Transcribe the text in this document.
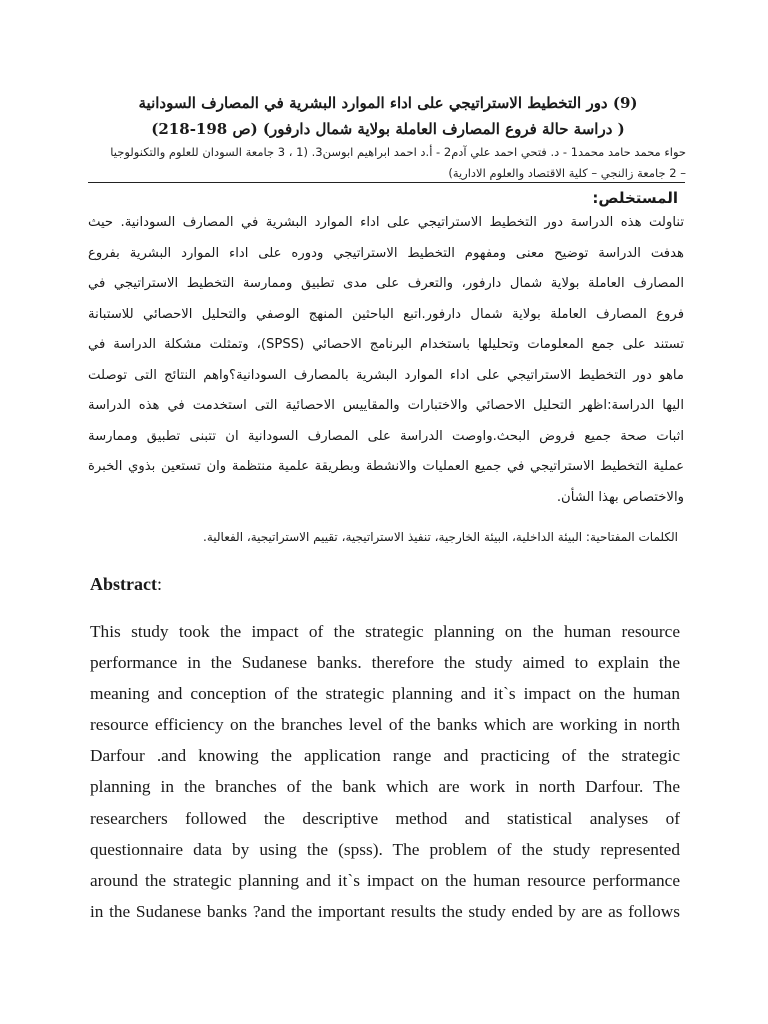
(9) دور التخطيط الاستراتيجي على اداء الموارد البشرية في المصارف السودانية
( دراسة حالة فروع المصارف العاملة بولاية شمال دارفور) (ص 198-218)
حواء محمد حامد محمد1 - د. فتحي احمد علي آدم2 - أ.د احمد ابراهيم ابوسن3. (1 ، 3 جامعة السودان للعلوم والتكنولوجيا
– 2 جامعة زالنجي – كلية الاقتصاد والعلوم الادارية)
المستخلص:
تناولت هذه الدراسة دور التخطيط الاستراتيجي على اداء الموارد البشرية في المصارف السودانية. حيث
هدفت الدراسة توضيح معنى ومفهوم التخطيط الاستراتيجي ودوره على اداء الموارد البشرية بفروع
المصارف العاملة بولاية شمال دارفور، والتعرف على مدى تطبيق وممارسة التخطيط الاستراتيجي في
فروع المصارف العاملة بولاية شمال دارفور.اتبع الباحثين المنهج الوصفي والتحليل الاحصائي للاستبانة
تستند على جمع المعلومات وتحليلها باستخدام البرنامج الاحصائي (SPSS)، وتمثلت مشكلة الدراسة في
ماهو دور التخطيط الاستراتيجي على اداء الموارد البشرية بالمصارف السودانية؟واهم النتائج التى توصلت
اليها الدراسة:اظهر التحليل الاحصائي والاختبارات والمقاييس الاحصائية التى استخدمت في هذه الدراسة
اثبات صحة جميع فروض البحث.واوصت الدراسة على المصارف السودانية ان تتبنى تطبيق وممارسة
عملية التخطيط الاستراتيجي في جميع العمليات والانشطة وبطريقة علمية منتظمة وان تستعين بذوي الخبرة
والاختصاص بهذا الشأن.
الكلمات المفتاحية: البيئة الداخلية، البيئة الخارجية، تنفيذ الاستراتيجية، تقييم الاستراتيجية، الفعالية.
Abstract:
This study took the impact of the strategic planning on the human resource
performance in the Sudanese banks. therefore the study aimed to explain the
meaning and conception of the strategic planning and it`s impact on the human
resource efficiency on the branches level of the banks which are working in north
Darfour .and knowing the application range and practicing of the strategic
planning in the branches of the bank which are work in north Darfour. The
researchers followed the descriptive method and statistical analyses of
questionnaire data by using the (spss). The problem of the study represented
around the strategic planning and it`s impact on the human resource performance
in the Sudanese banks ?and the important results the study ended by are as follows
